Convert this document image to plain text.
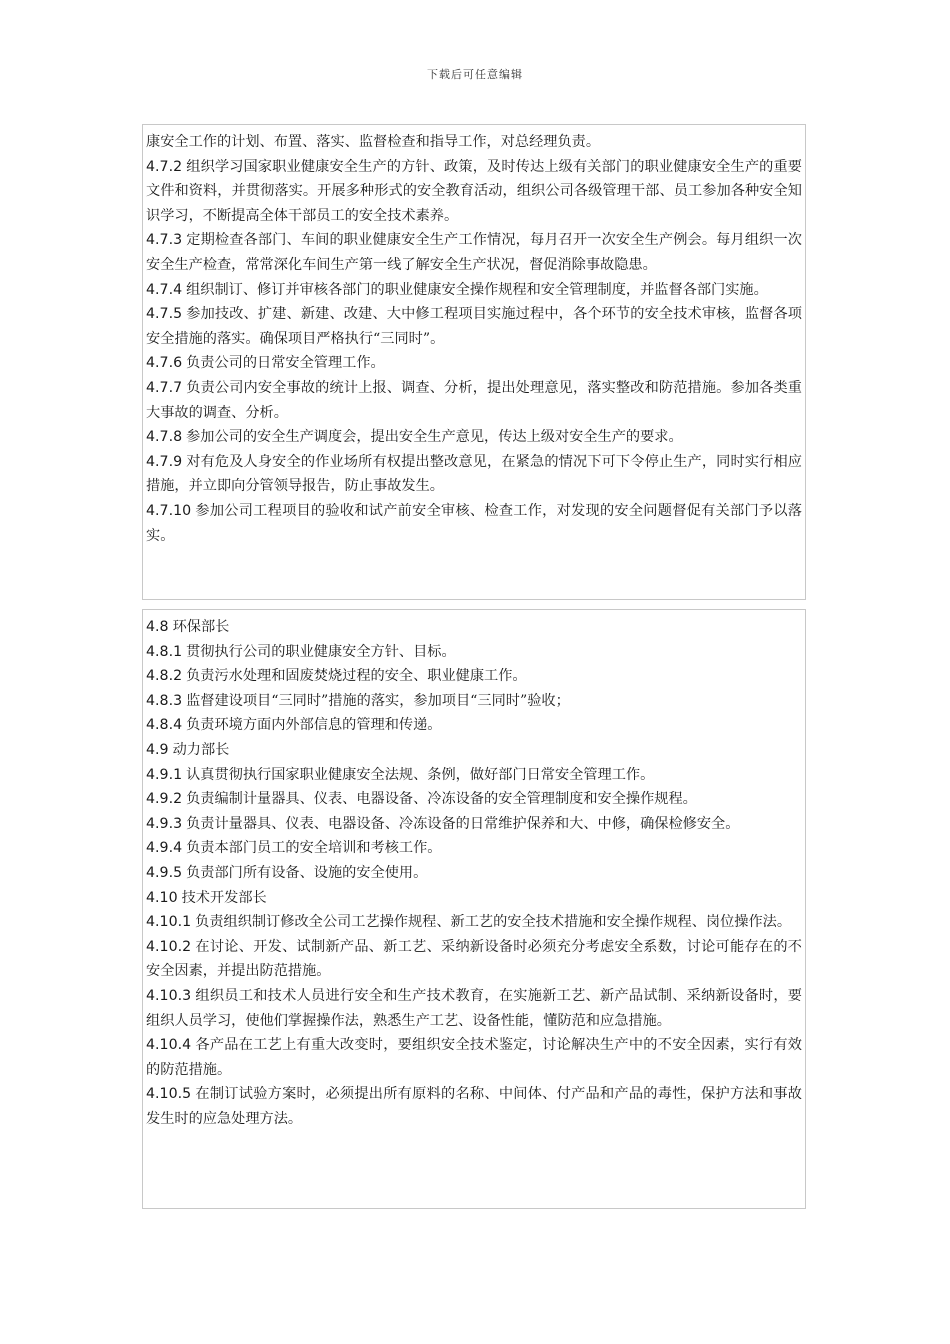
下载后可任意编辑

康安全工作的计划、布置、落实、监督检查和指导工作，对总经理负责。

4.7.2 组织学习国家职业健康安全生产的方针、政策，及时传达上级有关部门的职业健康安全生产的重要文件和资料，并贯彻落实。开展多种形式的安全教育活动，组织公司各级管理干部、员工参加各种安全知识学习，不断提高全体干部员工的安全技术素养。

4.7.3 定期检查各部门、车间的职业健康安全生产工作情况，每月召开一次安全生产例会。每月组织一次安全生产检查，常常深化车间生产第一线了解安全生产状况，督促消除事故隐患。

4.7.4 组织制订、修订并审核各部门的职业健康安全操作规程和安全管理制度，并监督各部门实施。

4.7.5 参加技改、扩建、新建、改建、大中修工程项目实施过程中，各个环节的安全技术审核，监督各项安全措施的落实。确保项目严格执行“三同时”。

4.7.6 负责公司的日常安全管理工作。

4.7.7 负责公司内安全事故的统计上报、调查、分析，提出处理意见，落实整改和防范措施。参加各类重大事故的调查、分析。

4.7.8 参加公司的安全生产调度会，提出安全生产意见，传达上级对安全生产的要求。

4.7.9 对有危及人身安全的作业场所有权提出整改意见，在紧急的情况下可下令停止生产，同时实行相应措施，并立即向分管领导报告，防止事故发生。

4.7.10 参加公司工程项目的验收和试产前安全审核、检查工作，对发现的安全问题督促有关部门予以落实。

4.8 环保部长

4.8.1 贯彻执行公司的职业健康安全方针、目标。

4.8.2 负责污水处理和固废焚烧过程的安全、职业健康工作。

4.8.3 监督建设项目“三同时”措施的落实，参加项目“三同时”验收；

4.8.4 负责环境方面内外部信息的管理和传递。

4.9 动力部长

4.9.1 认真贯彻执行国家职业健康安全法规、条例，做好部门日常安全管理工作。

4.9.2 负责编制计量器具、仪表、电器设备、冷冻设备的安全管理制度和安全操作规程。

4.9.3 负责计量器具、仪表、电器设备、冷冻设备的日常维护保养和大、中修，确保检修安全。

4.9.4 负责本部门员工的安全培训和考核工作。

4.9.5 负责部门所有设备、设施的安全使用。

4.10 技术开发部长

4.10.1 负责组织制订修改全公司工艺操作规程、新工艺的安全技术措施和安全操作规程、岗位操作法。

4.10.2 在讨论、开发、试制新产品、新工艺、采纳新设备时必须充分考虑安全系数，讨论可能存在的不安全因素，并提出防范措施。

4.10.3 组织员工和技术人员进行安全和生产技术教育，在实施新工艺、新产品试制、采纳新设备时，要组织人员学习，使他们掌握操作法，熟悉生产工艺、设备性能，懂防范和应急措施。

4.10.4 各产品在工艺上有重大改变时，要组织安全技术鉴定，讨论解决生产中的不安全因素，实行有效的防范措施。

4.10.5 在制订试验方案时，必须提出所有原料的名称、中间体、付产品和产品的毒性，保护方法和事故发生时的应急处理方法。
